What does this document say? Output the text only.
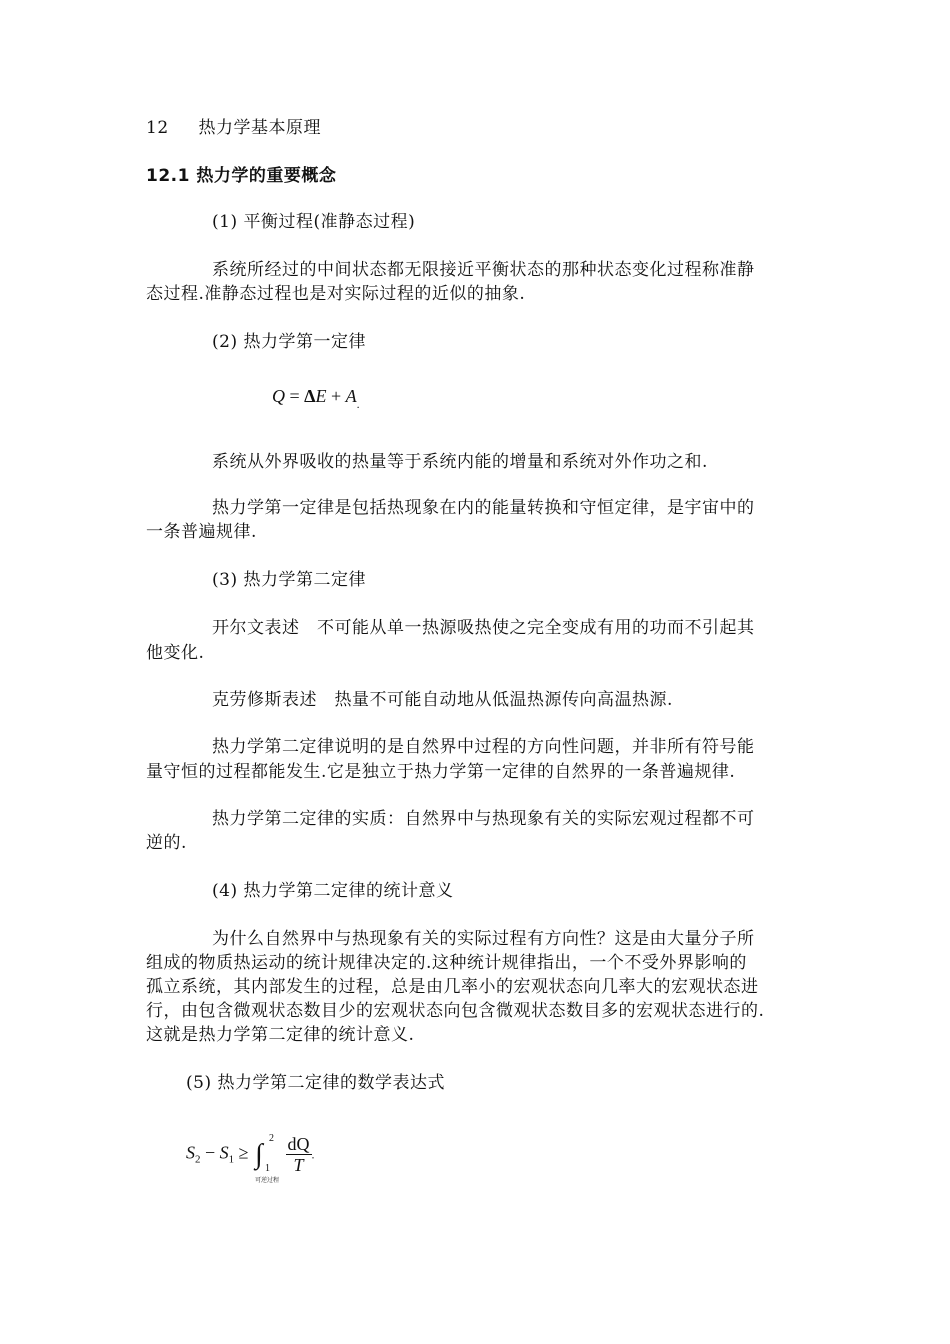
12 热力学基本原理
12.1 热力学的重要概念
(1) 平衡过程(准静态过程)
系统所经过的中间状态都无限接近平衡状态的那种状态变化过程称准静
态过程.准静态过程也是对实际过程的近似的抽象.
(2) 热力学第一定律
$Q = \Delta E + A_.$
系统从外界吸收的热量等于系统内能的增量和系统对外作功之和.
热力学第一定律是包括热现象在内的能量转换和守恒定律，是宇宙中的
一条普遍规律.
(3) 热力学第二定律
开尔文表述　不可能从单一热源吸热使之完全变成有用的功而不引起其
他变化.
克劳修斯表述　热量不可能自动地从低温热源传向高温热源.
热力学第二定律说明的是自然界中过程的方向性问题，并非所有符号能
量守恒的过程都能发生.它是独立于热力学第一定律的自然界的一条普遍规律.
热力学第二定律的实质：自然界中与热现象有关的实际宏观过程都不可
逆的.
(4) 热力学第二定律的统计意义
为什么自然界中与热现象有关的实际过程有方向性？这是由大量分子所
组成的物质热运动的统计规律决定的.这种统计规律指出，一个不受外界影响的
孤立系统，其内部发生的过程，总是由几率小的宏观状态向几率大的宏观状态进
行，由包含微观状态数目少的宏观状态向包含微观状态数目多的宏观状态进行的.
这就是热力学第二定律的统计意义.
(5) 热力学第二定律的数学表达式
$S_2 - S_1$ ≥ ∫
2
1
可逆过程

$\frac{dQ}{T}$ .
